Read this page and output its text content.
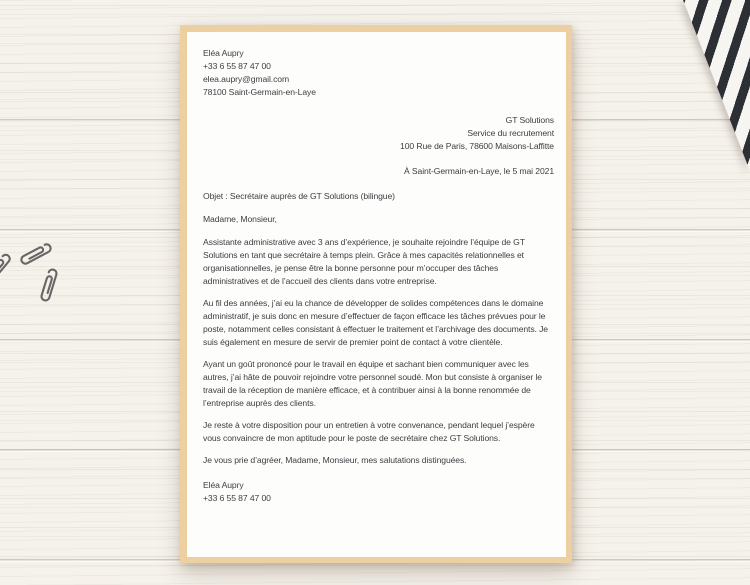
Eléa Aupry
+33 6 55 87 47 00
elea.aupry@gmail.com
78100 Saint-Germain-en-Laye
GT Solutions
Service du recrutement
100 Rue de Paris, 78600 Maisons-Laffitte
À Saint-Germain-en-Laye, le 5 mai 2021
Objet : Secrétaire auprès de GT Solutions (bilingue)
Madame, Monsieur,

Assistante administrative avec 3 ans d’expérience, je souhaite rejoindre l’équipe de GT Solutions en tant que secrétaire à temps plein. Grâce à mes capacités relationnelles et organisationnelles, je pense être la bonne personne pour m’occuper des tâches administratives et de l’accueil des clients dans votre entreprise.

Au fil des années, j’ai eu la chance de développer de solides compétences dans le domaine administratif, je suis donc en mesure d’effectuer de façon efficace les tâches prévues pour le poste, notamment celles consistant à effectuer le traitement et l’archivage des documents. Je suis également en mesure de servir de premier point de contact à votre clientèle.

Ayant un goût prononcé pour le travail en équipe et sachant bien communiquer avec les autres, j’ai hâte de pouvoir rejoindre votre personnel soudé. Mon but consiste à organiser le travail de la réception de manière efficace, et à contribuer ainsi à la bonne renommée de l’entreprise auprès des clients.

Je reste à votre disposition pour un entretien à votre convenance, pendant lequel j’espère vous convaincre de mon aptitude pour le poste de secrétaire chez GT Solutions.

Je vous prie d’agréer, Madame, Monsieur, mes salutations distinguées.
Eléa Aupry
+33 6 55 87 47 00
